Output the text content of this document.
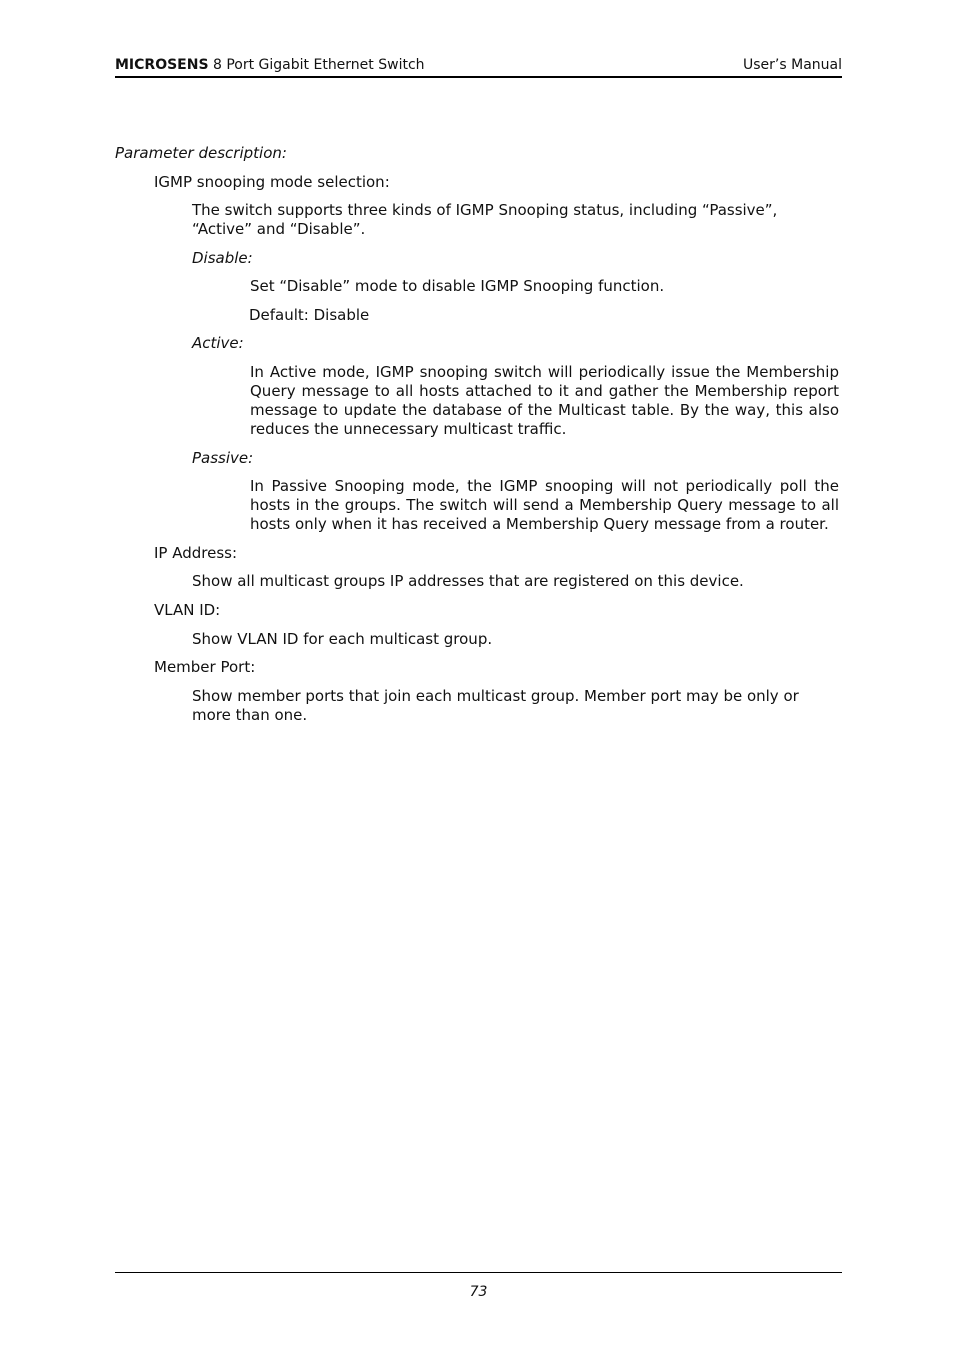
MICROSENS 8 Port Gigabit Ethernet Switch	User’s Manual
Parameter description:
IGMP snooping mode selection:
The switch supports three kinds of IGMP Snooping status, including “Passive”,
“Active” and “Disable”.
Disable:
Set “Disable” mode to disable IGMP Snooping function.
Default: Disable
Active:
In Active mode, IGMP snooping switch will periodically issue the Membership Query message to all hosts attached to it and gather the Membership report message to update the database of the Multicast table. By the way, this also reduces the unnecessary multicast traffic.
Passive:
In Passive Snooping mode, the IGMP snooping will not periodically poll the hosts in the groups. The switch will send a Membership Query message to all hosts only when it has received a Membership Query message from a router.
IP Address:
Show all multicast groups IP addresses that are registered on this device.
VLAN ID:
Show VLAN ID for each multicast group.
Member Port:
Show member ports that join each multicast group. Member port may be only or more than one.
73
